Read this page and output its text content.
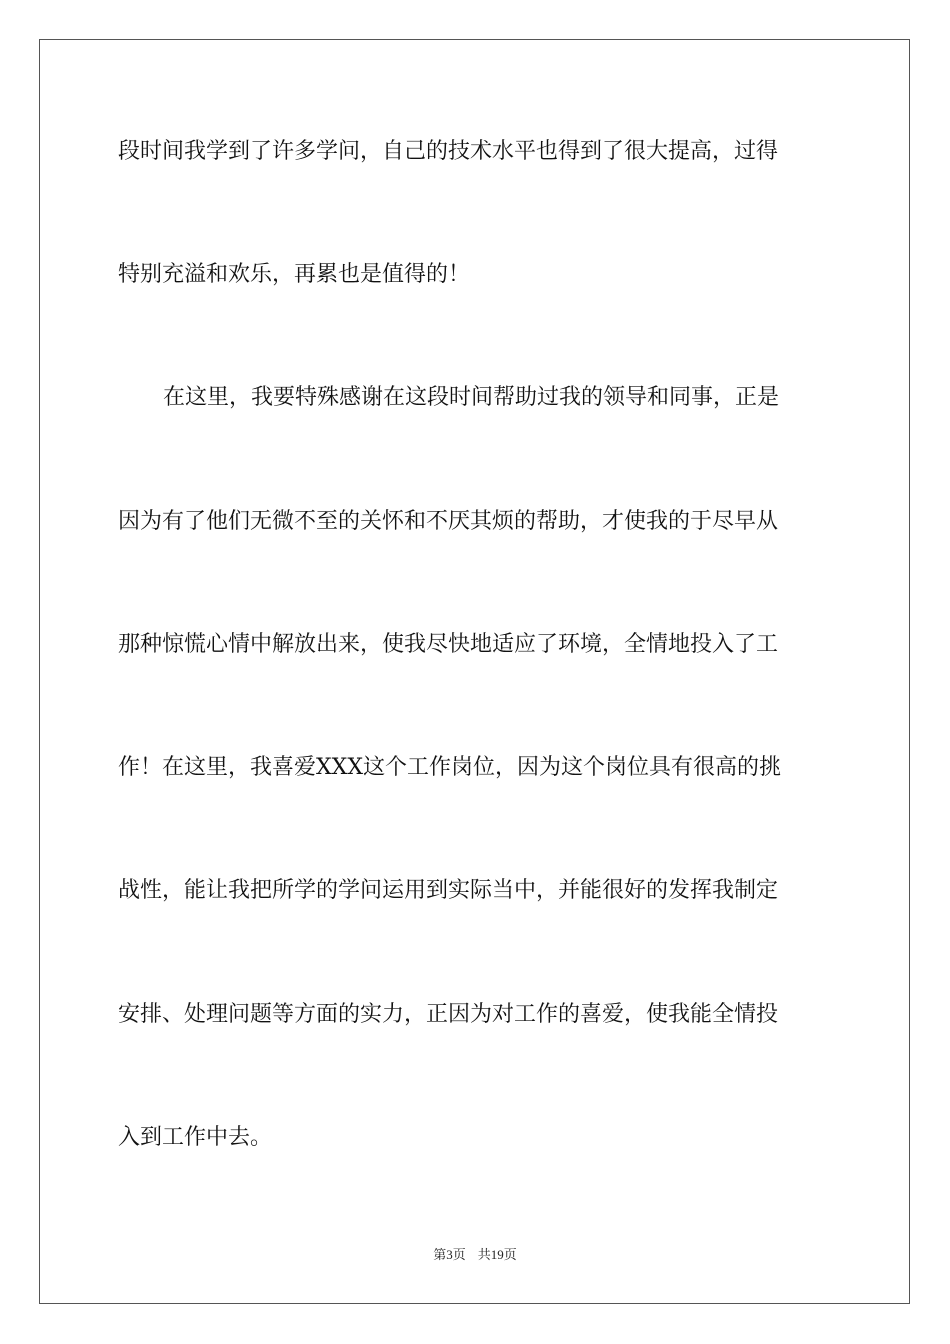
段时间我学到了许多学问，自己的技术水平也得到了很大提高，过得
特别充溢和欢乐，再累也是值得的！
在这里，我要特殊感谢在这段时间帮助过我的领导和同事，正是
因为有了他们无微不至的关怀和不厌其烦的帮助，才使我的于尽早从
那种惊慌心情中解放出来，使我尽快地适应了环境，全情地投入了工
作！在这里，我喜爱XXX这个工作岗位，因为这个岗位具有很高的挑
战性，能让我把所学的学问运用到实际当中，并能很好的发挥我制定
安排、处理问题等方面的实力，正因为对工作的喜爱，使我能全情投
入到工作中去。
第3页 共19页
